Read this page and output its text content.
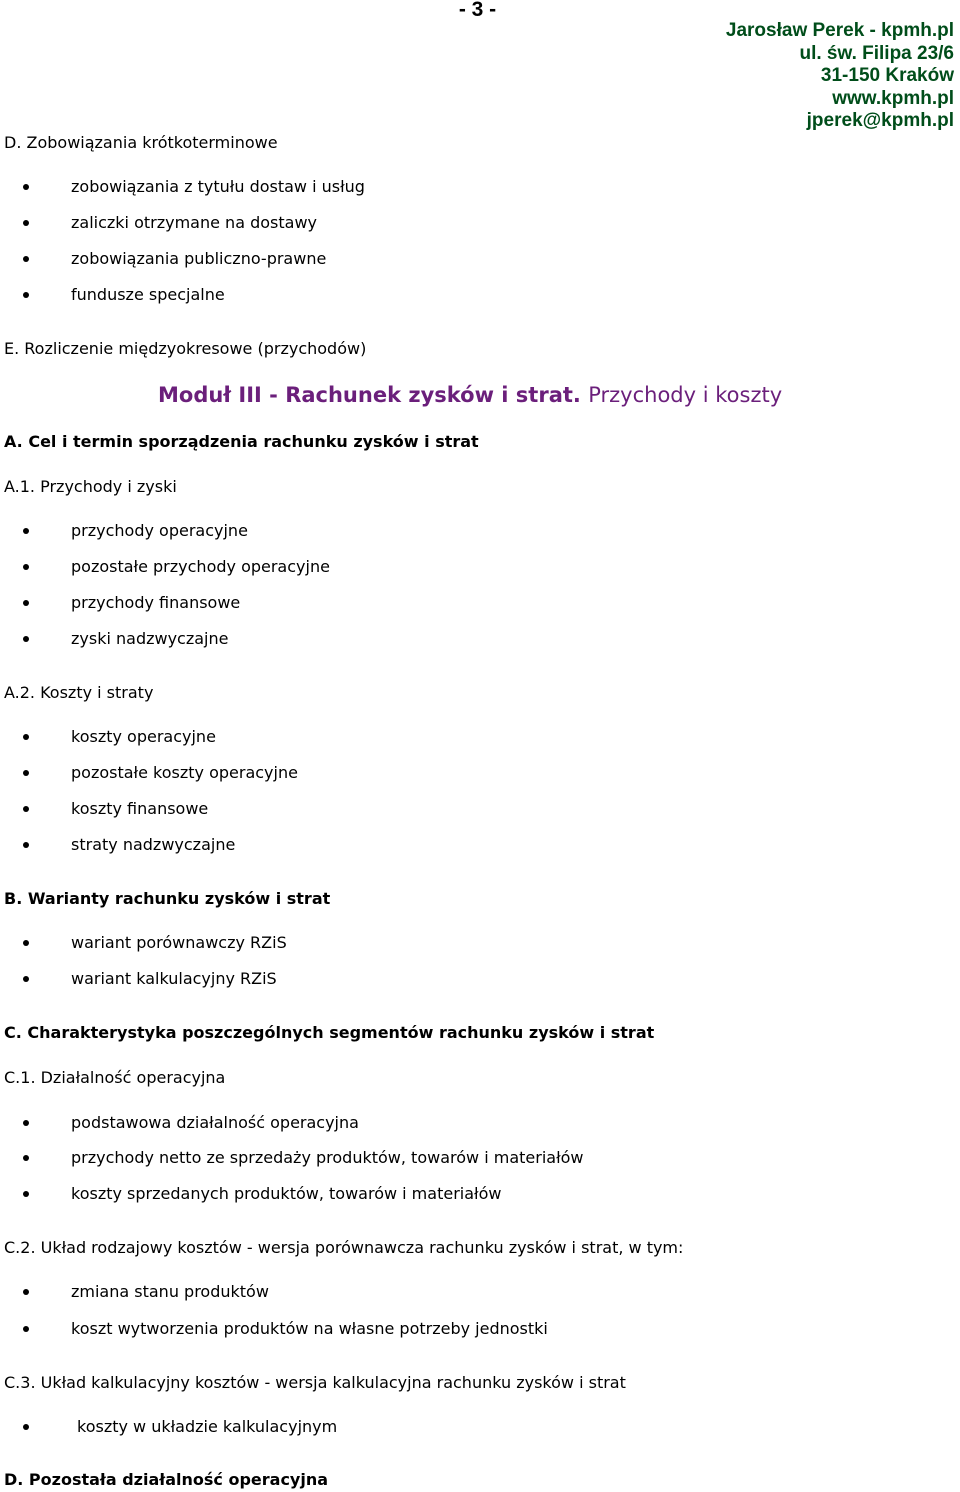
- 3 -
Jarosław Perek - kpmh.pl
ul. św. Filipa 23/6
31-150 Kraków
www.kpmh.pl
jperek@kpmh.pl
D. Zobowiązania krótkoterminowe
zobowiązania z tytułu dostaw i usług
zaliczki otrzymane na dostawy
zobowiązania publiczno-prawne
fundusze specjalne
E. Rozliczenie międzyokresowe (przychodów)
Moduł III - Rachunek zysków i strat. Przychody i koszty
A. Cel i termin sporządzenia rachunku zysków i strat
A.1. Przychody i zyski
przychody operacyjne
pozostałe przychody operacyjne
przychody finansowe
zyski nadzwyczajne
A.2. Koszty i straty
koszty operacyjne
pozostałe koszty operacyjne
koszty finansowe
straty nadzwyczajne
B. Warianty rachunku zysków i strat
wariant porównawczy RZiS
wariant kalkulacyjny RZiS
C. Charakterystyka poszczególnych segmentów rachunku zysków i strat
C.1. Działalność operacyjna
podstawowa działalność operacyjna
przychody netto ze sprzedaży produktów, towarów i materiałów
koszty sprzedanych produktów, towarów i materiałów
C.2. Układ rodzajowy kosztów - wersja porównawcza rachunku zysków i strat, w tym:
zmiana stanu produktów
koszt wytworzenia produktów na własne potrzeby jednostki
C.3. Układ kalkulacyjny kosztów - wersja kalkulacyjna rachunku zysków i strat
koszty w układzie kalkulacyjnym
D. Pozostała działalność operacyjna
